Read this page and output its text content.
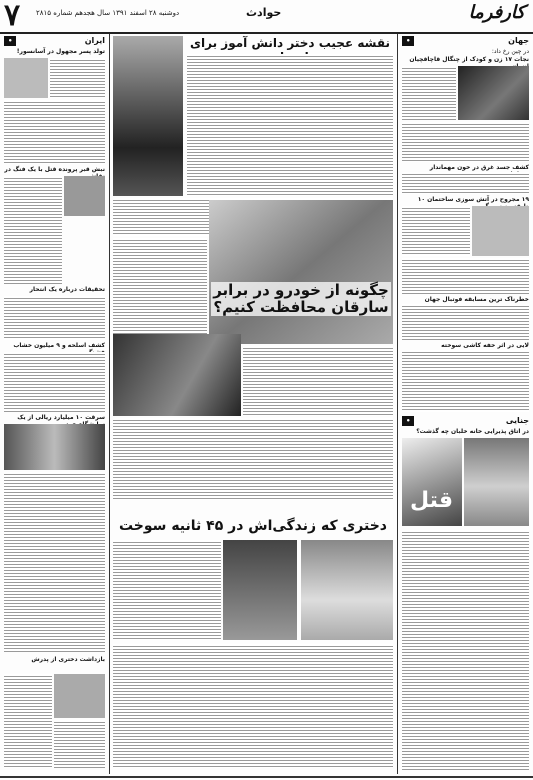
۷ دوشنبه ۲۸ اسفند ۱۳۹۱ سال هجدهم شماره ۲۸۱۵	حوادث	کارفرما
جهان
•
در چین رخ داد:
نجات ۱۷ زن و کودک از چنگال قاچاقچیان
کشف جسد غرق در خون مهماندار
۱۹ مجروح در آتش سوزی ساختمان ۱۰
خطرناک ترین مسابقه فوتبال جهان
لایی در اثر خفه کاشی سوخته
جنایی
•
در اتاق پذیرایی خانه خلبان چه گذشت؟
قتل
نقشه عجیب دختر دانش آموز برای
چگونه از خودرو در برابر سارقان محافظت کنیم؟
دختری که زندگی‌اش در ۴۵ ثانیه سوخت
ایران
•
تولد پسر مجهول در آسانسور!
نبش قبر پرونده قتل با یک فنگ در
تحقیقات درباره یک انتحار
کشف اسلحه و ۹ میلیون خشاب
سرقت ۱۰ میلیارد ریالی از یک
بازداشت دختری از پدرش
